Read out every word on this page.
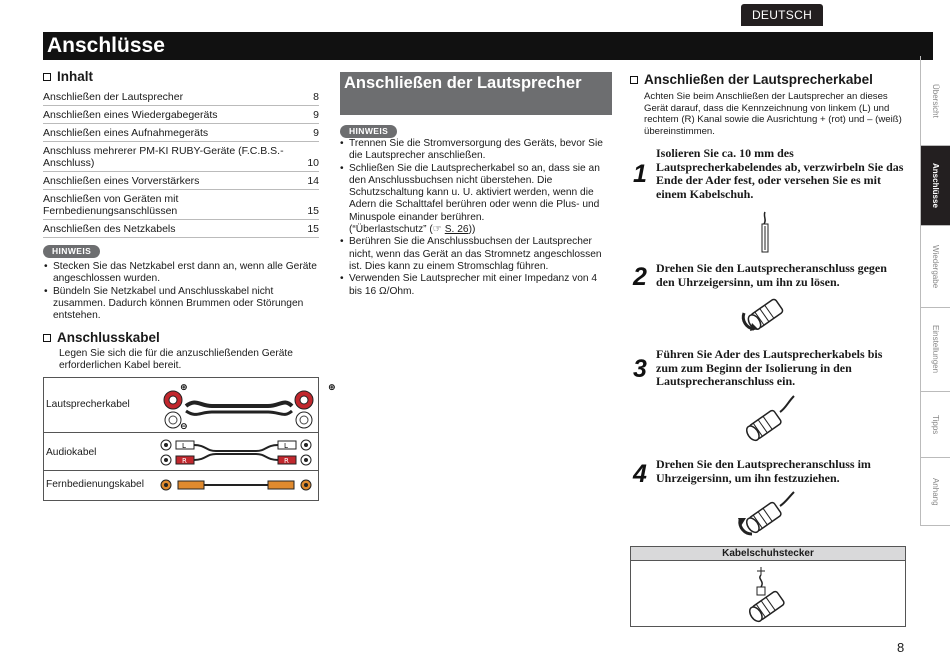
DEUTSCH
Anschlüsse
Übersicht
Anschlüsse
Wiedergabe
Einstellungen
Tipps
Anhang
Inhalt
Anschließen der Lautsprecher	8
Anschließen eines Wiedergabegeräts	9
Anschließen eines Aufnahmegeräts	9
Anschluss mehrerer PM-KI RUBY-Geräte (F.C.B.S.-Anschluss)	10
Anschließen eines Vorverstärkers	14
Anschließen von Geräten mit Fernbedienungsanschlüssen	15
Anschließen des Netzkabels	15
HINWEIS
• Stecken Sie das Netzkabel erst dann an, wenn alle Geräte angeschlossen wurden.
• Bündeln Sie Netzkabel und Anschlusskabel nicht zusammen. Dadurch können Brummen oder Störungen entstehen.
Anschlusskabel
Legen Sie sich die für die anzuschließenden Geräte erforderlichen Kabel bereit.
Lautsprecherkabel
⊕
⊖
⊕
Audiokabel
L
R
L
R
Fernbedienungskabel
Anschließen der Lautsprecher
HINWEIS
• Trennen Sie die Stromversorgung des Geräts, bevor Sie die Lautsprecher anschließen.
• Schließen Sie die Lautsprecherkabel so an, dass sie an den Anschlussbuchsen nicht überstehen. Die Schutzschaltung kann u. U. aktiviert werden, wenn die Adern die Schalttafel berühren oder wenn die Plus- und Minuspole einander berühren.
(“Überlastschutz” (☞ S. 26))
• Berühren Sie die Anschlussbuchsen der Lautsprecher nicht, wenn das Gerät an das Stromnetz angeschlossen ist. Dies kann zu einem Stromschlag führen.
• Verwenden Sie Lautsprecher mit einer Impedanz von 4 bis 16 Ω/Ohm.
Anschließen der Lautsprecherkabel
Achten Sie beim Anschließen der Lautsprecher an dieses Gerät darauf, dass die Kennzeichnung von linkem (L) und rechtem (R) Kanal sowie die Ausrichtung + (rot) und – (weiß) übereinstimmen.
1
Isolieren Sie ca. 10 mm des Lautsprecherkabelendes ab, verzwirbeln Sie das Ende der Ader fest, oder versehen Sie es mit einem Kabelschuh.
2 Drehen Sie den Lautsprecheranschluss gegen den Uhrzeigersinn, um ihn zu lösen.
3
Führen Sie Ader des Lautsprecherkabels bis zum zum Beginn der Isolierung in den Lautsprecheranschluss ein.
4 Drehen Sie den Lautsprecheranschluss im Uhrzeigersinn, um ihn festzuziehen.
Kabelschuhstecker
8
